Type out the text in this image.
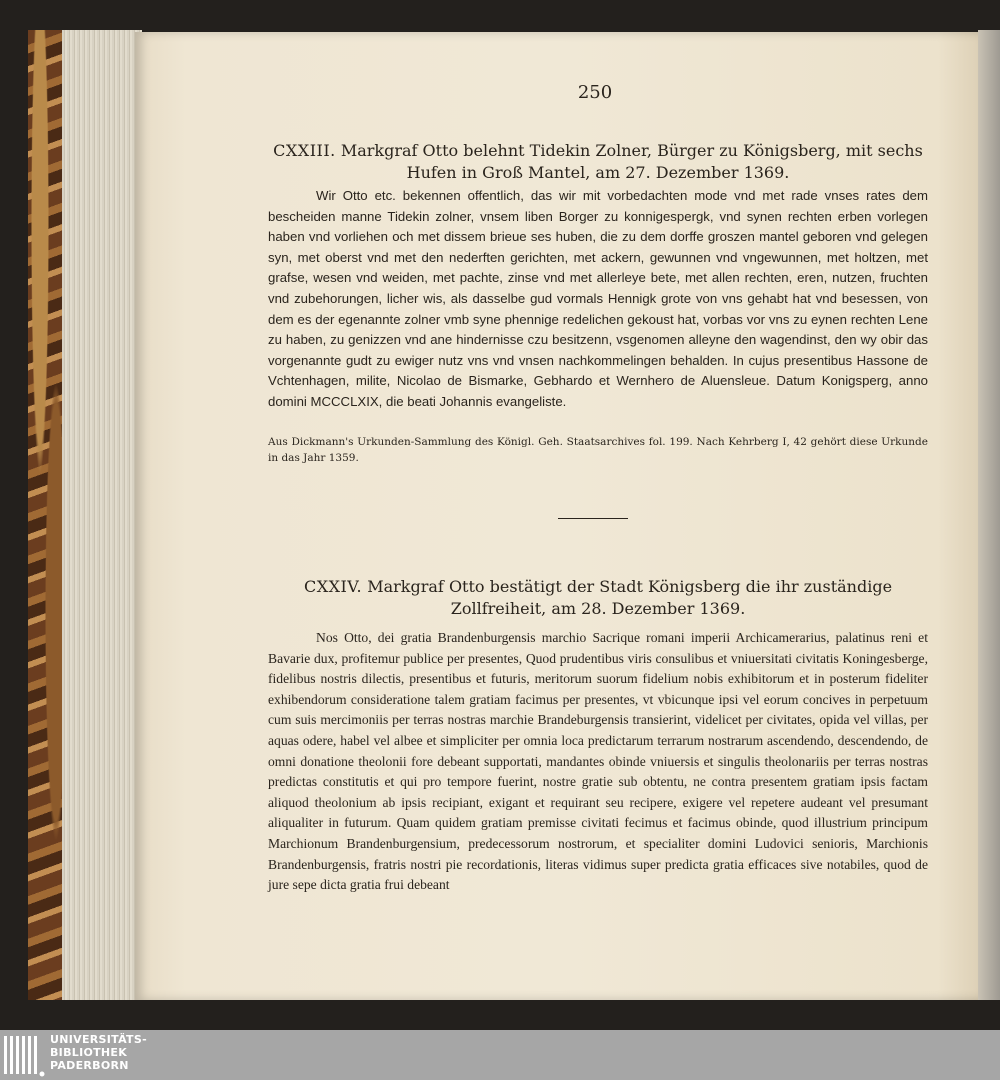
250
CXXIII. Markgraf Otto belehnt Tidekin Zolner, Bürger zu Königsberg, mit sechs Hufen in Groß Mantel, am 27. Dezember 1369.
Wir Otto etc. bekennen offentlich, das wir mit vorbedachten mode vnd met rade vnses rates dem bescheiden manne Tidekin zolner, vnsem liben Borger zu konnigespergk, vnd synen rechten erben vorlegen haben vnd vorliehen och met dissem brieue ses huben, die zu dem dorffe groszen mantel geboren vnd gelegen syn, met oberst vnd met den nederften gerichten, met ackern, gewunnen vnd vngewunnen, met holtzen, met grafse, wesen vnd weiden, met pachte, zinse vnd met allerleye bete, met allen rechten, eren, nutzen, fruchten vnd zubehorungen, licher wis, als dasselbe gud vormals Hennigk grote von vns gehabt hat vnd besessen, von dem es der egenannte zolner vmb syne phennige redelichen gekoust hat, vorbas vor vns zu eynen rechten Lene zu haben, zu genizzen vnd ane hindernisse czu besitzenn, vsgenomen alleyne den wagendinst, den wy obir das vorgenannte gudt zu ewiger nutz vns vnd vnsen nachkommelingen behalden. In cujus presentibus Hassone de Vchtenhagen, milite, Nicolao de Bismarke, Gebhardo et Wernhero de Aluensleue. Datum Konigsperg, anno domini MCCCLXIX, die beati Johannis evangeliste.
Aus Dickmann's Urkunden-Sammlung des Königl. Geh. Staatsarchives fol. 199. Nach Kehrberg I, 42 gehört diese Urkunde in das Jahr 1359.
CXXIV. Markgraf Otto bestätigt der Stadt Königsberg die ihr zuständige Zollfreiheit, am 28. Dezember 1369.
Nos Otto, dei gratia Brandenburgensis marchio Sacrique romani imperii Archicamerarius, palatinus reni et Bavarie dux, profitemur publice per presentes, Quod prudentibus viris consulibus et vniuersitati civitatis Koningesberge, fidelibus nostris dilectis, presentibus et futuris, meritorum suorum fidelium nobis exhibitorum et in posterum fideliter exhibendorum considerationе talem gratiam facimus per presentes, vt vbicunque ipsi vel eorum concives in perpetuum cum suis mercimoniis per terras nostras marchie Brandeburgensis transierint, videlicet per civitates, opida vel villas, per aquas odere, habel vel albee et simpliciter per omnia loca predictarum terrarum nostrarum ascendendo, descendendo, de omni donatione theolonii fore debeant supportati, mandantes obinde vniuersis et singulis theolonariis per terras nostras predictas constitutis et qui pro tempore fuerint, nostre gratie sub obtentu, ne contra presentem gratiam ipsis factam aliquod theolonium ab ipsis recipiant, exigant et requirant seu recipere, exigere vel repetere audeant vel presumant aliqualiter in futurum. Quam quidem gratiam premisse civitati fecimus et facimus obinde, quod illustrium principum Marchionum Brandenburgensium, predecessorum nostrorum, et specialiter domini Ludovici senioris, Marchionis Brandenburgensis, fratris nostri pie recordationis, literas vidimus super predicta gratia efficaces sive notabiles, quod de jure sepe dicta gratia frui debeant
UNIVERSITÄTS-
BIBLIOTHEK
PADERBORN
